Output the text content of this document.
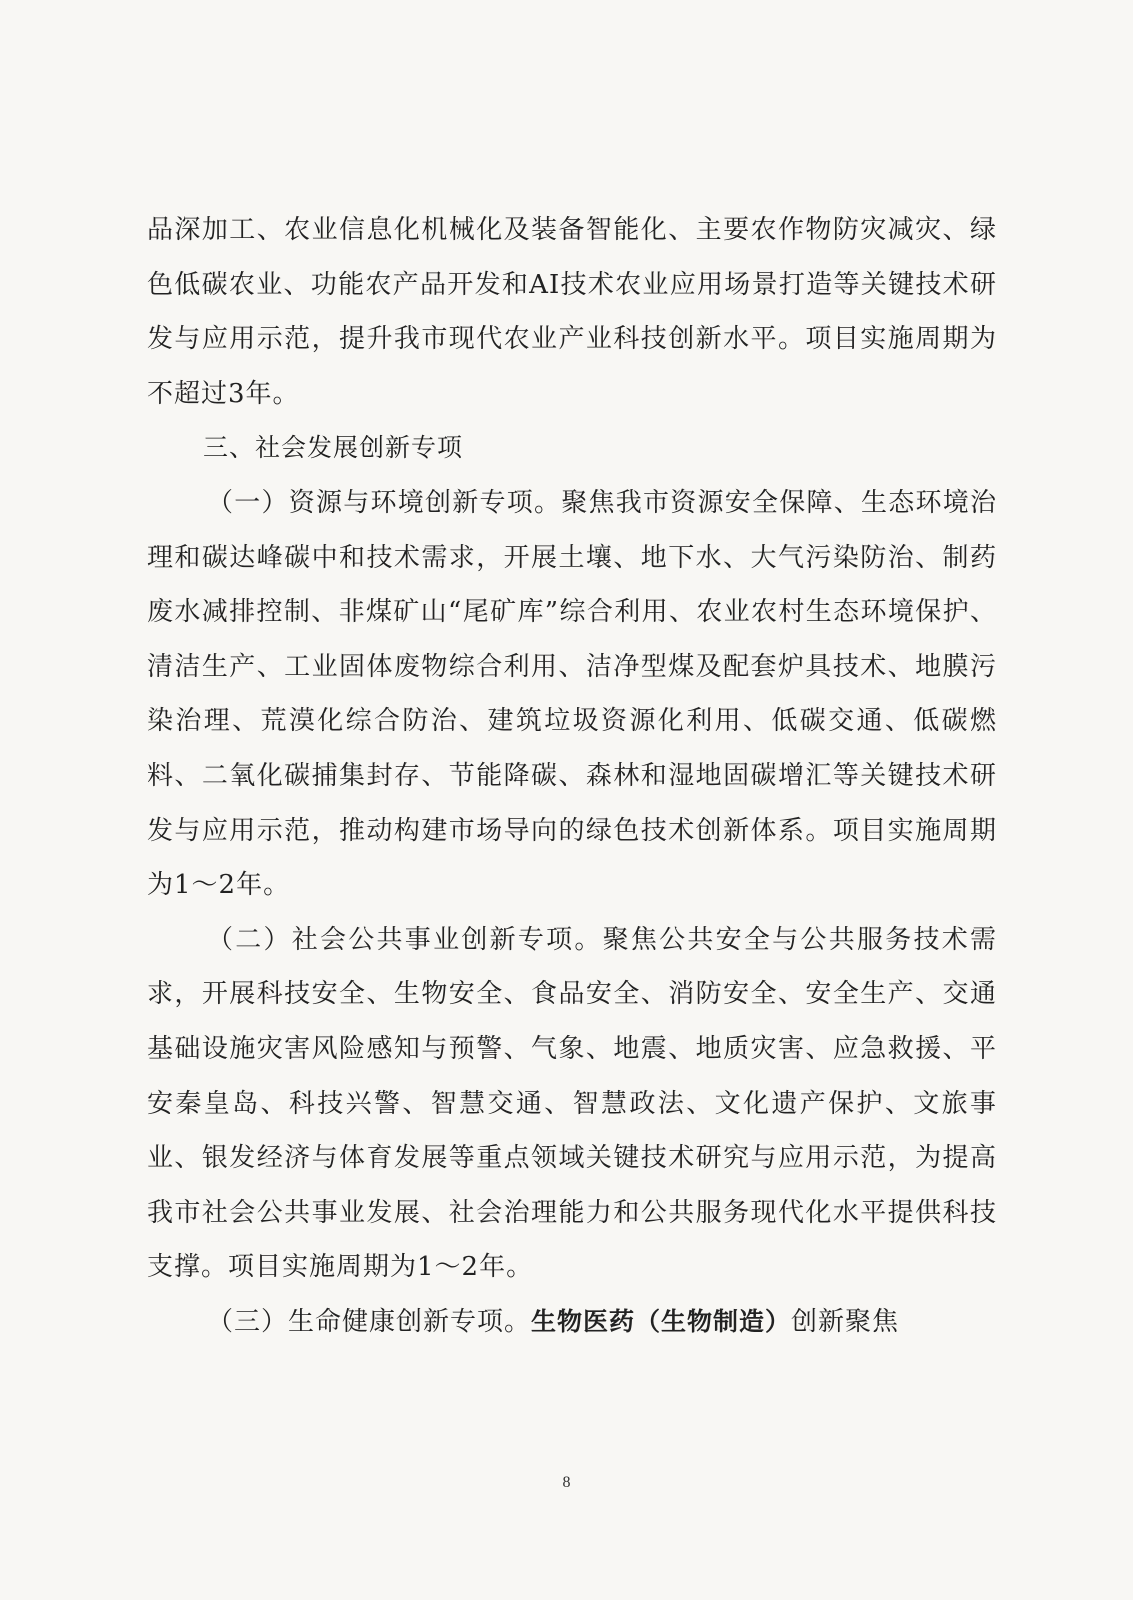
品深加工、农业信息化机械化及装备智能化、主要农作物防灾减灾、绿色低碳农业、功能农产品开发和AI技术农业应用场景打造等关键技术研发与应用示范，提升我市现代农业产业科技创新水平。项目实施周期为不超过3年。

三、社会发展创新专项

（一）资源与环境创新专项。聚焦我市资源安全保障、生态环境治理和碳达峰碳中和技术需求，开展土壤、地下水、大气污染防治、制药废水减排控制、非煤矿山“尾矿库”综合利用、农业农村生态环境保护、清洁生产、工业固体废物综合利用、洁净型煤及配套炉具技术、地膜污染治理、荒漠化综合防治、建筑垃圾资源化利用、低碳交通、低碳燃料、二氧化碳捕集封存、节能降碳、森林和湿地固碳增汇等关键技术研发与应用示范，推动构建市场导向的绿色技术创新体系。项目实施周期为1～2年。

（二）社会公共事业创新专项。聚焦公共安全与公共服务技术需求，开展科技安全、生物安全、食品安全、消防安全、安全生产、交通基础设施灾害风险感知与预警、气象、地震、地质灾害、应急救援、平安秦皇岛、科技兴警、智慧交通、智慧政法、文化遗产保护、文旅事业、银发经济与体育发展等重点领域关键技术研究与应用示范，为提高我市社会公共事业发展、社会治理能力和公共服务现代化水平提供科技支撑。项目实施周期为1～2年。

（三）生命健康创新专项。生物医药（生物制造）创新聚焦

8
